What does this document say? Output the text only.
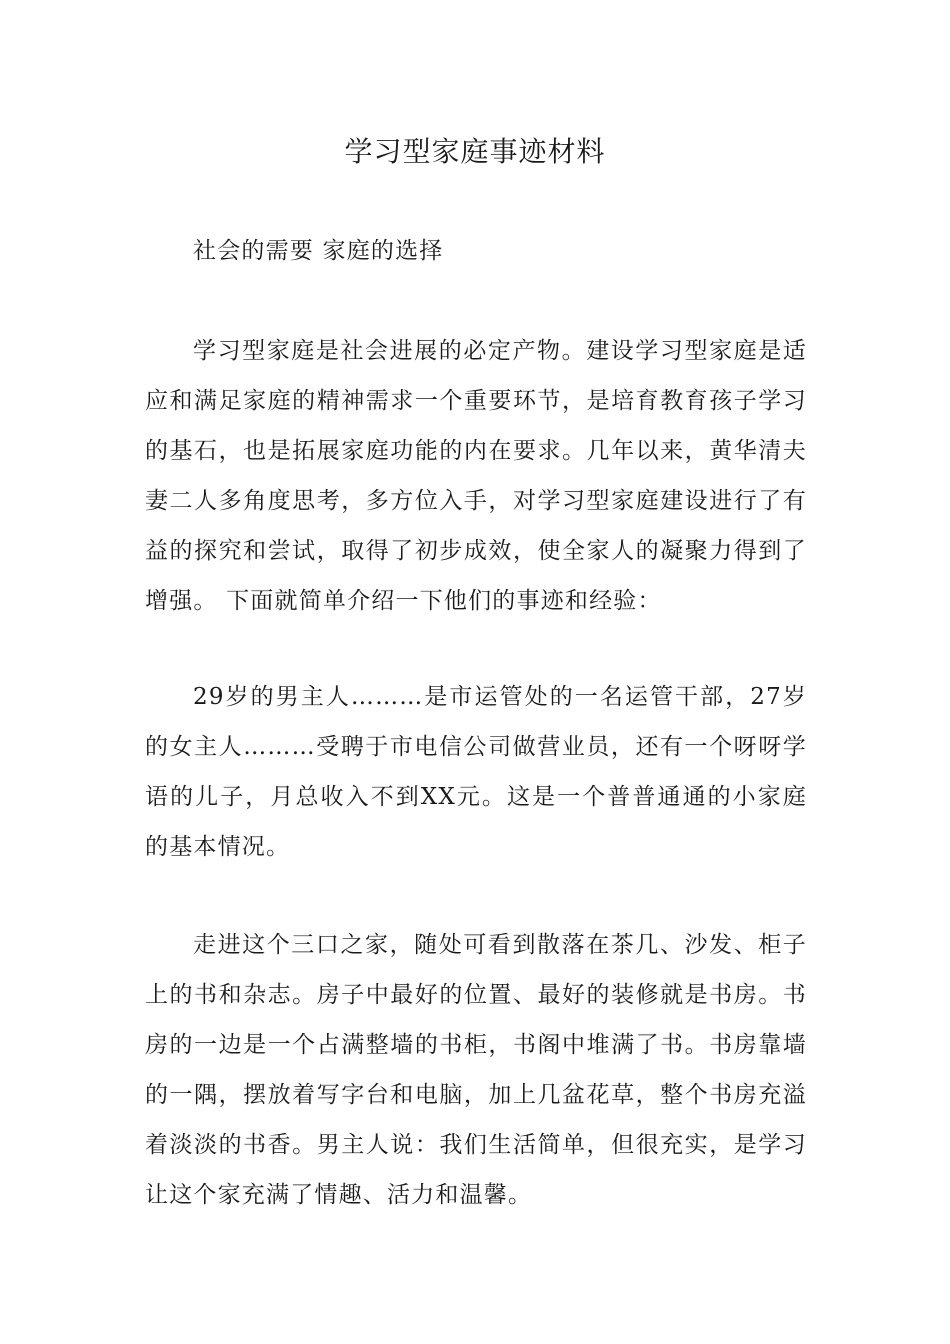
学习型家庭事迹材料

社会的需要 家庭的选择

学习型家庭是社会进展的必定产物。建设学习型家庭是适应和满足家庭的精神需求一个重要环节，是培育教育孩子学习的基石，也是拓展家庭功能的内在要求。几年以来，黄华清夫妻二人多角度思考，多方位入手，对学习型家庭建设进行了有益的探究和尝试，取得了初步成效，使全家人的凝聚力得到了增强。 下面就简单介绍一下他们的事迹和经验：

29岁的男主人………是市运管处的一名运管干部，27岁的女主人………受聘于市电信公司做营业员，还有一个呀呀学语的儿子，月总收入不到XX元。这是一个普普通通的小家庭的基本情况。

走进这个三口之家，随处可看到散落在茶几、沙发、柜子上的书和杂志。房子中最好的位置、最好的装修就是书房。书房的一边是一个占满整墙的书柜，书阁中堆满了书。书房靠墙的一隅，摆放着写字台和电脑，加上几盆花草，整个书房充溢着淡淡的书香。男主人说：我们生活简单，但很充实，是学习让这个家充满了情趣、活力和温馨。
